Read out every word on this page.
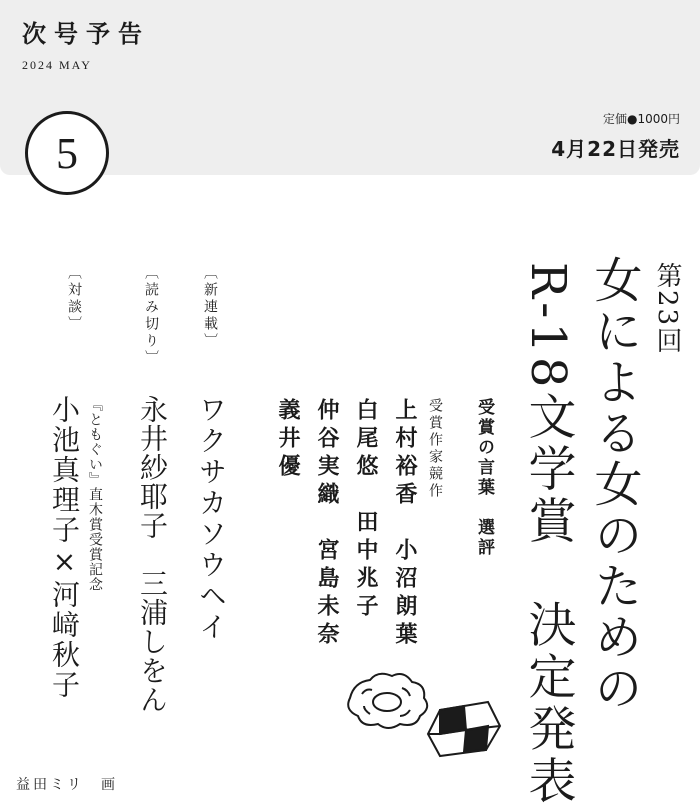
次号予告
2024 MAY
定価●1000円
4月22日発売
5
第23回
女による女のための
R-18文学賞　決定発表
受賞の言葉　選評
受賞作家競作
上村裕香　小沼朗葉
白尾悠　田中兆子
仲谷実織　宮島未奈
義井優
〔新連載〕
ワクサカソウヘイ
〔読み切り〕
永井紗耶子　三浦しをん
『ともぐい』直木賞受賞記念
〔対談〕
小池真理子×河﨑秋子
益田ミリ　画
